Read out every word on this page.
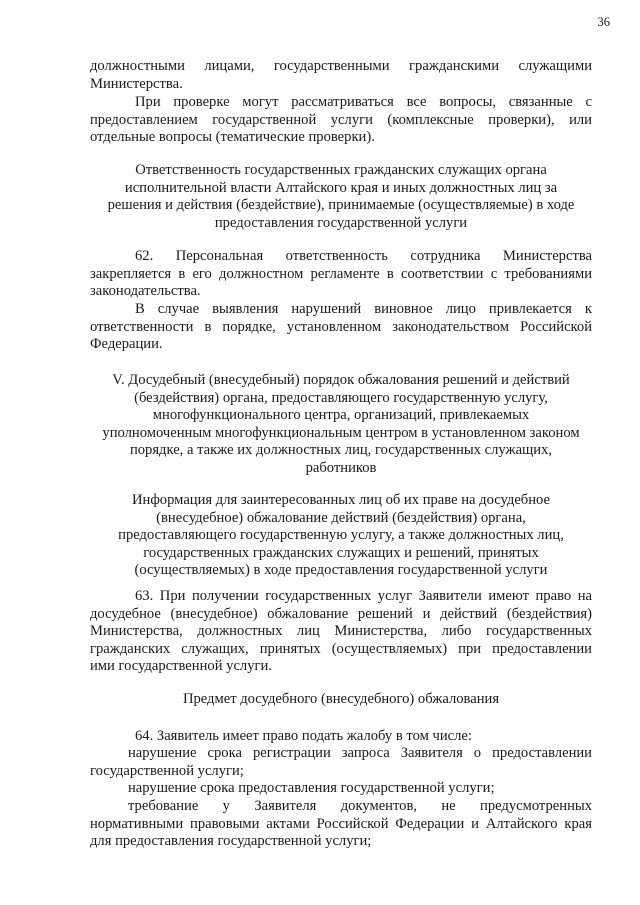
36

должностными лицами, государственными гражданскими служащими

Министерства.

При проверке могут рассматриваться все вопросы, связанные с

предоставлением государственной услуги (комплексные проверки), или

отдельные вопросы (тематические проверки).

Ответственность государственных гражданских служащих органа

исполнительной власти Алтайского края и иных должностных лиц за

решения и действия (бездействие), принимаемые (осуществляемые) в ходе

предоставления государственной услуги

62. Персональная ответственность сотрудника Министерства

закрепляется в его должностном регламенте в соответствии с требованиями

законодательства.

В случае выявления нарушений виновное лицо привлекается к

ответственности в порядке, установленном законодательством Российской

Федерации.

V. Досудебный (внесудебный) порядок обжалования решений и действий

(бездействия) органа, предоставляющего государственную услугу,

многофункционального центра, организаций, привлекаемых

уполномоченным многофункциональным центром в установленном законом

порядке, а также их должностных лиц, государственных служащих,

работников

Информация для заинтересованных лиц об их праве на досудебное

(внесудебное) обжалование действий (бездействия) органа,

предоставляющего государственную услугу, а также должностных лиц,

государственных гражданских служащих и решений, принятых

(осуществляемых) в ходе предоставления государственной услуги

63. При получении государственных услуг Заявители имеют право на

досудебное (внесудебное) обжалование решений и действий (бездействия)

Министерства, должностных лиц Министерства, либо государственных

гражданских служащих, принятых (осуществляемых) при предоставлении

ими государственной услуги.

Предмет досудебного (внесудебного) обжалования

64. Заявитель имеет право подать жалобу в том числе:

нарушение срока регистрации запроса Заявителя о предоставлении

государственной услуги;

нарушение срока предоставления государственной услуги;

требование у Заявителя документов, не предусмотренных

нормативными правовыми актами Российской Федерации и Алтайского края

для предоставления государственной услуги;
